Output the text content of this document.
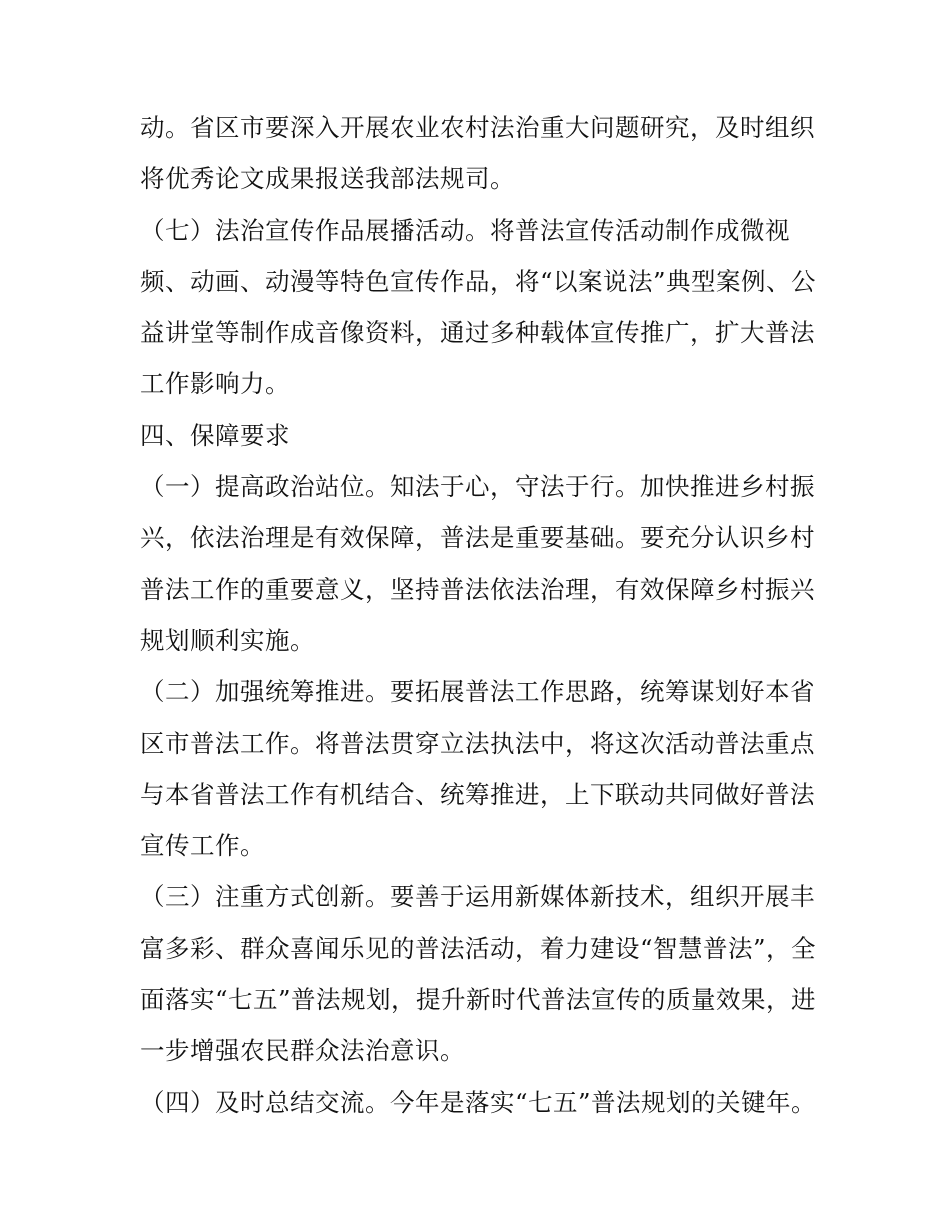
动。省区市要深入开展农业农村法治重大问题研究，及时组织
将优秀论文成果报送我部法规司。
（七）法治宣传作品展播活动。将普法宣传活动制作成微视
频、动画、动漫等特色宣传作品，将“以案说法”典型案例、公
益讲堂等制作成音像资料，通过多种载体宣传推广，扩大普法
工作影响力。
四、保障要求
（一）提高政治站位。知法于心，守法于行。加快推进乡村振
兴，依法治理是有效保障，普法是重要基础。要充分认识乡村
普法工作的重要意义，坚持普法依法治理，有效保障乡村振兴
规划顺利实施。
（二）加强统筹推进。要拓展普法工作思路，统筹谋划好本省
区市普法工作。将普法贯穿立法执法中，将这次活动普法重点
与本省普法工作有机结合、统筹推进，上下联动共同做好普法
宣传工作。
（三）注重方式创新。要善于运用新媒体新技术，组织开展丰
富多彩、群众喜闻乐见的普法活动，着力建设“智慧普法”，全
面落实“七五”普法规划，提升新时代普法宣传的质量效果，进
一步增强农民群众法治意识。
（四）及时总结交流。今年是落实“七五”普法规划的关键年。
